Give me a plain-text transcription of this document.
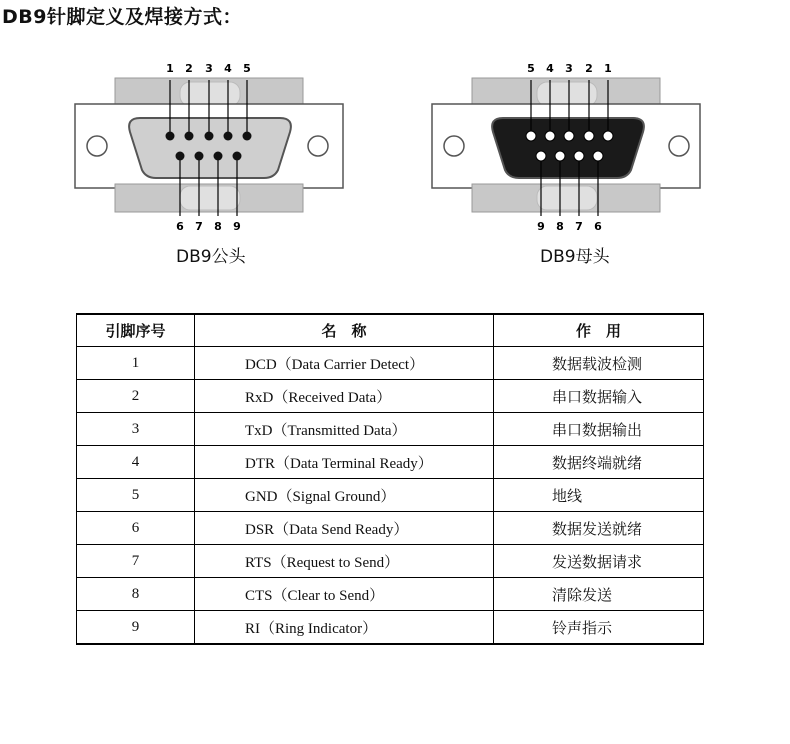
DB9针脚定义及焊接方式：
1 2 3 4 5
6 7 8 9
DB9公头
5 4 3 2 1
9 8 7 6
DB9母头
引脚序号	名　称	作　用
1	DCD（Data Carrier Detect）	数据载波检测
2	RxD（Received Data）	串口数据输入
3	TxD（Transmitted Data）	串口数据输出
4	DTR（Data Terminal Ready）	数据终端就绪
5	GND（Signal Ground）	地线
6	DSR（Data Send Ready）	数据发送就绪
7	RTS（Request to Send）	发送数据请求
8	CTS（Clear to Send）	清除发送
9	RI（Ring Indicator）	铃声指示
